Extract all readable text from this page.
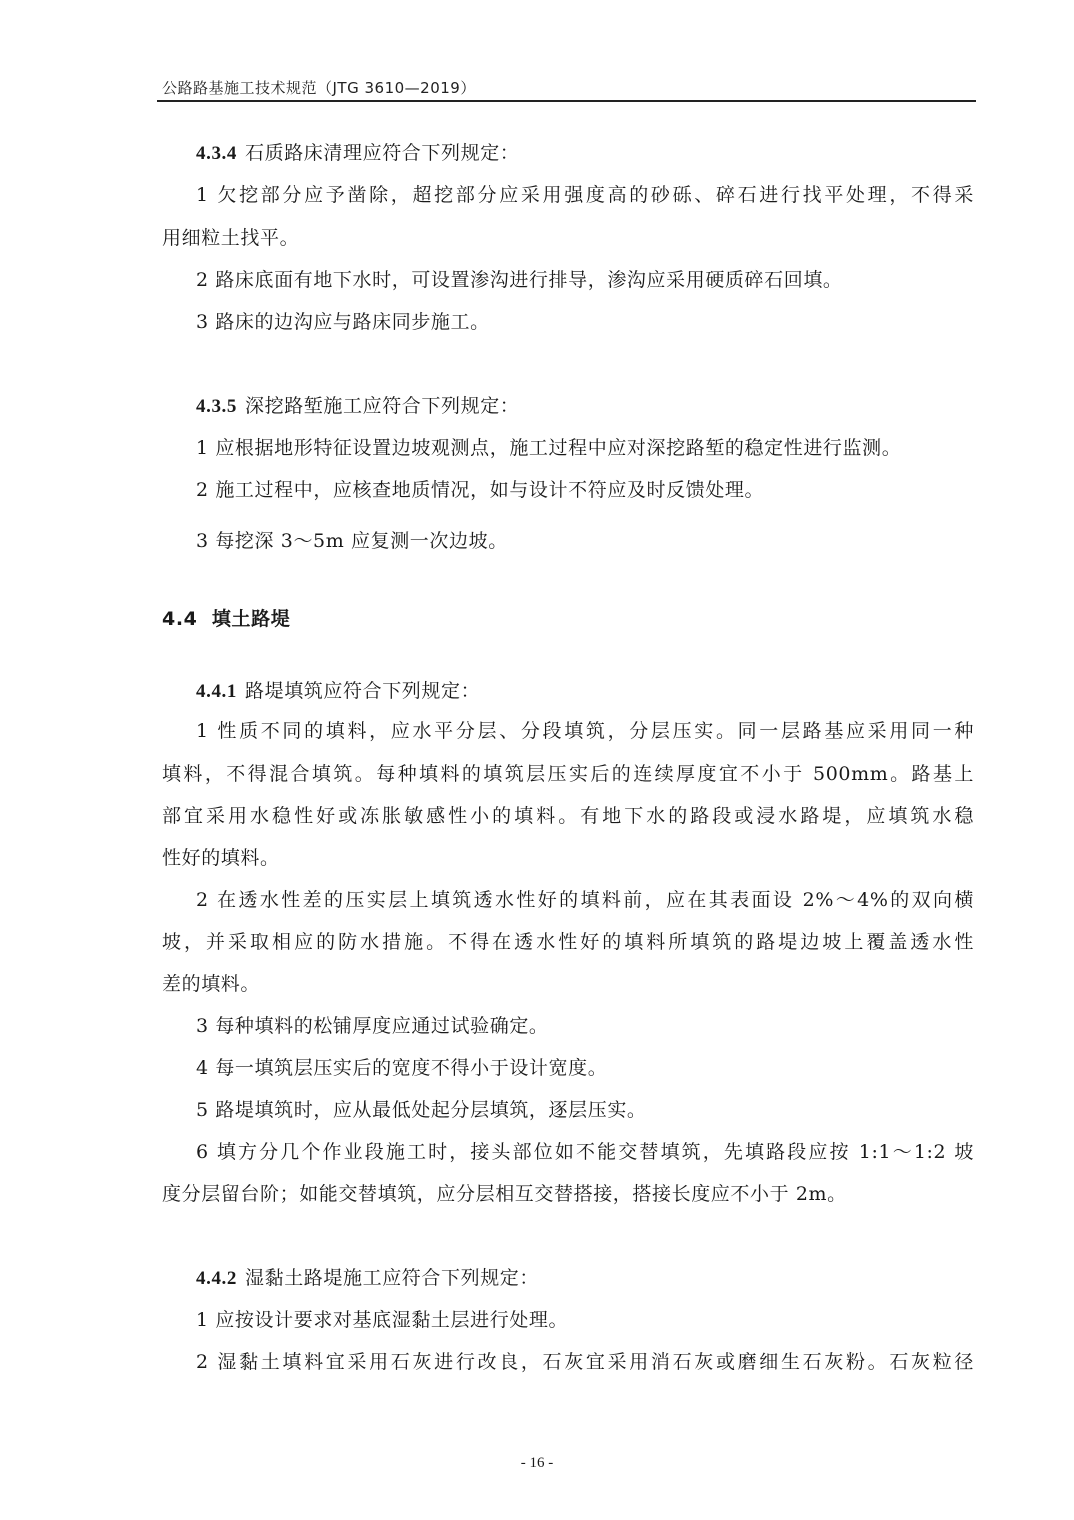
公路路基施工技术规范（JTG 3610—2019）
4.3.4 石质路床清理应符合下列规定：
1 欠挖部分应予凿除，超挖部分应采用强度高的砂砾、碎石进行找平处理，不得采
用细粒土找平。
2 路床底面有地下水时，可设置渗沟进行排导，渗沟应采用硬质碎石回填。
3 路床的边沟应与路床同步施工。
4.3.5 深挖路堑施工应符合下列规定：
1 应根据地形特征设置边坡观测点，施工过程中应对深挖路堑的稳定性进行监测。
2 施工过程中，应核查地质情况，如与设计不符应及时反馈处理。
3 每挖深 3～5m 应复测一次边坡。
4.4 填土路堤
4.4.1 路堤填筑应符合下列规定：
1 性质不同的填料，应水平分层、分段填筑，分层压实。同一层路基应采用同一种
填料，不得混合填筑。每种填料的填筑层压实后的连续厚度宜不小于 500mm。路基上
部宜采用水稳性好或冻胀敏感性小的填料。有地下水的路段或浸水路堤，应填筑水稳
性好的填料。
2 在透水性差的压实层上填筑透水性好的填料前，应在其表面设 2%～4%的双向横
坡，并采取相应的防水措施。不得在透水性好的填料所填筑的路堤边坡上覆盖透水性
差的填料。
3 每种填料的松铺厚度应通过试验确定。
4 每一填筑层压实后的宽度不得小于设计宽度。
5 路堤填筑时，应从最低处起分层填筑，逐层压实。
6 填方分几个作业段施工时，接头部位如不能交替填筑，先填路段应按 1:1～1:2 坡
度分层留台阶；如能交替填筑，应分层相互交替搭接，搭接长度应不小于 2m。
4.4.2 湿黏土路堤施工应符合下列规定：
1 应按设计要求对基底湿黏土层进行处理。
2 湿黏土填料宜采用石灰进行改良，石灰宜采用消石灰或磨细生石灰粉。石灰粒径
- 16 -
